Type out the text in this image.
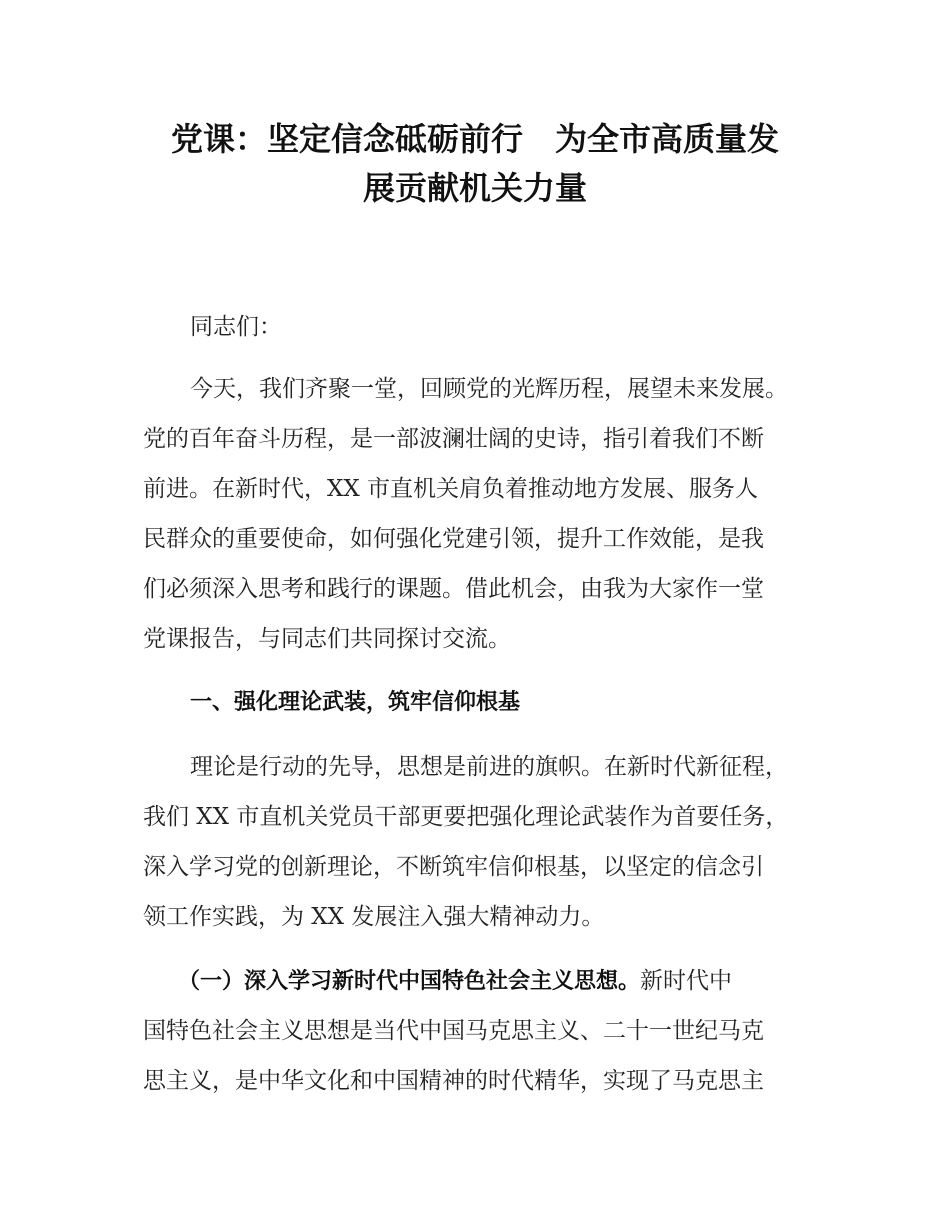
党课：坚定信念砥砺前行　为全市高质量发
展贡献机关力量
同志们：
今天，我们齐聚一堂，回顾党的光辉历程，展望未来发展。
党的百年奋斗历程，是一部波澜壮阔的史诗，指引着我们不断
前进。在新时代，XX 市直机关肩负着推动地方发展、服务人
民群众的重要使命，如何强化党建引领，提升工作效能，是我
们必须深入思考和践行的课题。借此机会，由我为大家作一堂
党课报告，与同志们共同探讨交流。
一、强化理论武装，筑牢信仰根基
理论是行动的先导，思想是前进的旗帜。在新时代新征程，
我们 XX 市直机关党员干部更要把强化理论武装作为首要任务，
深入学习党的创新理论，不断筑牢信仰根基，以坚定的信念引
领工作实践，为 XX 发展注入强大精神动力。
（一）深入学习新时代中国特色社会主义思想。新时代中
国特色社会主义思想是当代中国马克思主义、二十一世纪马克
思主义，是中华文化和中国精神的时代精华，实现了马克思主
